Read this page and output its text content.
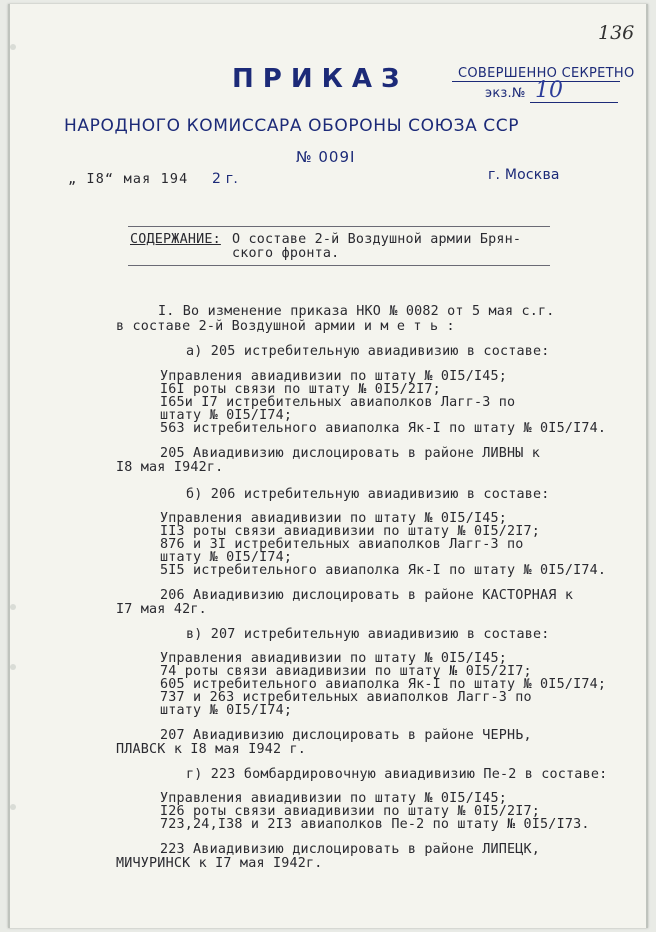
136
СОВЕРШЕННО СЕКРЕТНО
экз.№ 10
ПРИКАЗ
НАРОДНОГО КОМИССАРА ОБОРОНЫ СОЮЗА ССР
№ 009I
„ I8“ мая 194 2 г.	г. Москва
СОДЕРЖАНИЕ: О составе 2-й Воздушной армии Брян-
ского фронта.
I. Во изменение приказа НКО № 0082 от 5 мая с.г.
в составе 2-й Воздушной армии и м е т ь :
а) 205 истребительную авиадивизию в составе:
Управления авиадивизии по штату № 0I5/I45;
I6I роты связи по штату № 0I5/2I7;
I65и I7 истребительных авиаполков Лагг-3 по
штату № 0I5/I74;
563 истребительного авиаполка Як-I по штату № 0I5/I74.
205 Авиадивизию дислоцировать в районе ЛИВНЫ к
I8 мая I942г.
б) 206 истребительную авиадивизию в составе:
Управления авиадивизии по штату № 0I5/I45;
II3 роты связи авиадивизии по штату № 0I5/2I7;
876 и 3I истребительных авиаполков Лагг-3 по
штату № 0I5/I74;
5I5 истребительного авиаполка Як-I по штату № 0I5/I74.
206 Авиадивизию дислоцировать в районе КАСТОРНАЯ к
I7 мая 42г.
в) 207 истребительную авиадивизию в составе:
Управления авиадивизии по штату № 0I5/I45;
74 роты связи авиадивизии по штату № 0I5/2I7;
605 истребительного авиаполка Як-I по штату № 0I5/I74;
737 и 263 истребительных авиаполков Лагг-3 по
штату № 0I5/I74;
207 Авиадивизию дислоцировать в районе ЧЕРНЬ,
ПЛАВСК к I8 мая I942 г.
г) 223 бомбардировочную авиадивизию Пе-2 в составе:
Управления авиадивизии по штату № 0I5/I45;
I26 роты связи авиадивизии по штату № 0I5/2I7;
723,24,I38 и 2I3 авиаполков Пе-2 по штату № 0I5/I73.
223 Авиадивизию дислоцировать в районе ЛИПЕЦК,
МИЧУРИНСК к I7 мая I942г.
